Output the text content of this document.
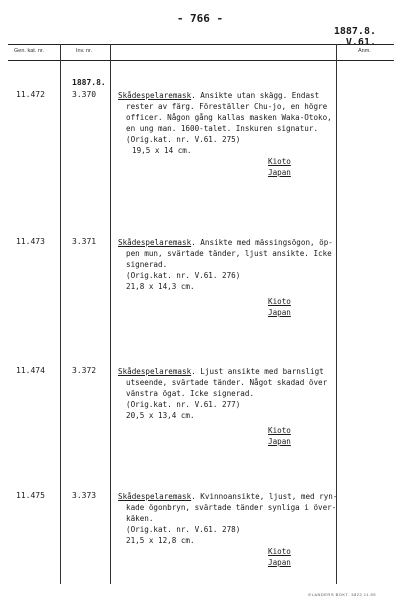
- 766 -
1887.8.
V.61.
Gen. kat. nr.	Inv. nr.	Anm.
1887.8.
11.472	3.370	Skådespelaremask. Ansikte utan skägg. Endast
rester av färg. Föreställer Chu-jo, en högre
officer. Någon gång kallas masken Waka-Otoko,
en ung man. 1600-talet. Inskuren signatur.
(Orig.kat. nr. V.61. 275)
19,5 x 14 cm.
Kioto
Japan
11.473	3.371	Skådespelaremask. Ansikte med mässingsögon, öp-
pen mun, svärtade tänder, ljust ansikte. Icke
signerad.
(Orig.kat. nr. V.61. 276)
21,8 x 14,3 cm.
Kioto
Japan
11.474	3.372	Skådespelaremask. Ljust ansikte med barnsligt
utseende, svärtade tänder. Något skadad över
vänstra ögat. Icke signerad.
(Orig.kat. nr. V.61. 277)
20,5 x 13,4 cm.
Kioto
Japan
11.475	3.373	Skådespelaremask. Kvinnoansikte, ljust, med ryn-
kade ögonbryn, svärtade tänder synliga i över-
käken.
(Orig.kat. nr. V.61. 278)
21,5 x 12,8 cm.
Kioto
Japan
ELANDERS BOKT. 3822 11.59
